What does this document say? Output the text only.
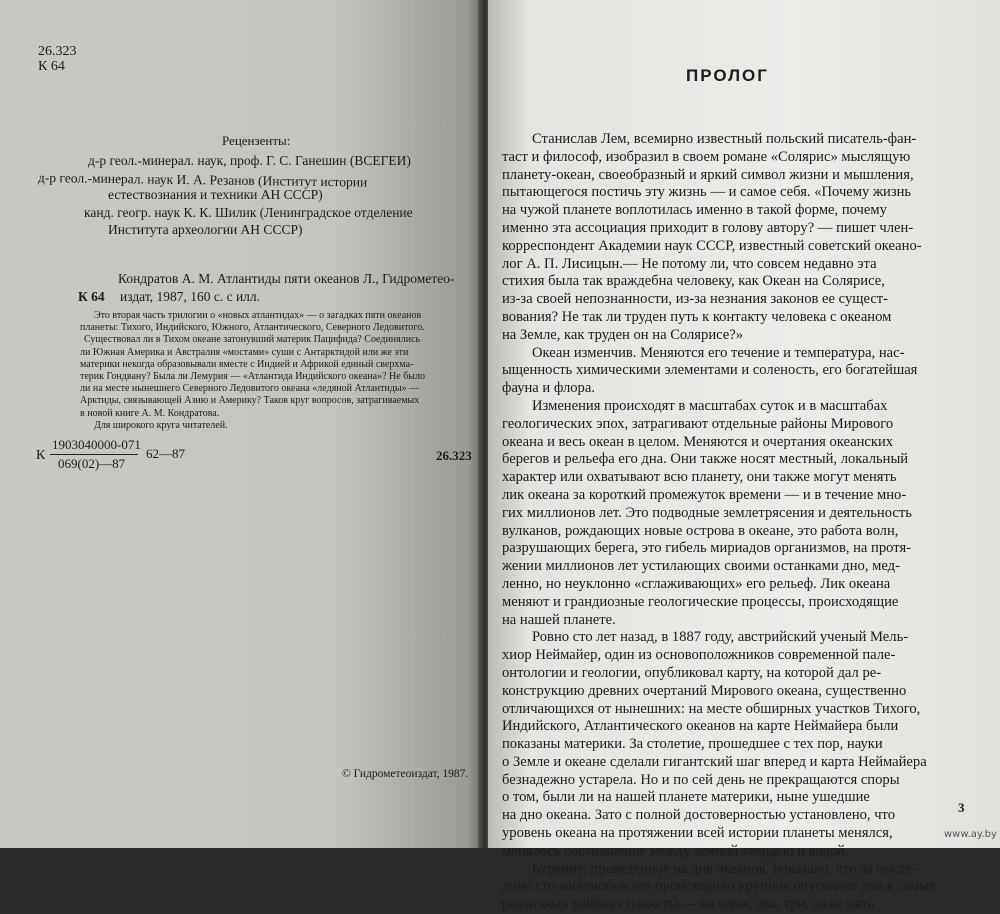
26.323
К 64
Рецензенты:
д-р геол.-минерал. наук, проф. Г. С. Ганешин (ВСЕГЕИ)
д-р геол.-минерал. наук И. А. Резанов (Институт истории
естествознания и техники АН СССР)
канд. геогр. наук К. К. Шилик (Ленинградское отделение
Института археологии АН СССР)
Кондратов А. М. Атлантиды пяти океанов Л., Гидрометео-
К 64 издат, 1987, 160 с. с илл.
Это вторая часть трилогии о «новых атлантидах» — о загадках пяти океанов
планеты: Тихого, Индийского, Южного, Атлантического, Северного Ледовитого.
Существовал ли в Тихом океане затонувший материк Пацифида? Соединялись
ли Южная Америка и Австралия «мостами» суши с Антарктидой или же эти
материки некогда образовывали вместе с Индией и Африкой единый сверхма-
терик Гондвану? Была ли Лемурия — «Атлантида Индийского океана»? Не было
ли на месте нынешнего Северного Ледовитого океана «ледяной Атлантиды» —
Арктиды, связывающей Азию и Америку? Таков круг вопросов, затрагиваемых
в новой книге А. М. Кондратова.
Для широкого круга читателей.
К
1903040000-071
069(02)—87
62—87	26.323
© Гидрометеоиздат, 1987.
ПРОЛОГ
Станислав Лем, всемирно известный польский писатель-фан-
таст и философ, изобразил в своем романе «Солярис» мыслящую
планету-океан, своеобразный и яркий символ жизни и мышления,
пытающегося постичь эту жизнь — и самое себя. «Почему жизнь
на чужой планете воплотилась именно в такой форме, почему
именно эта ассоциация приходит в голову автору? — пишет член-
корреспондент Академии наук СССР, известный советский океано-
лог А. П. Лисицын.— Не потому ли, что совсем недавно эта
стихия была так враждебна человеку, как Океан на Солярисе,
из-за своей непознанности, из-за незнания законов ее сущест-
вования? Не так ли труден путь к контакту человека с океаном
на Земле, как труден он на Солярисе?»
Океан изменчив. Меняются его течение и температура, нас-
ыщенность химическими элементами и соленость, его богатейшая
фауна и флора.
Изменения происходят в масштабах суток и в масштабах
геологических эпох, затрагивают отдельные районы Мирового
океана и весь океан в целом. Меняются и очертания океанских
берегов и рельефа его дна. Они также носят местный, локальный
характер или охватывают всю планету, они также могут менять
лик океана за короткий промежуток времени — и в течение мно-
гих миллионов лет. Это подводные землетрясения и деятельность
вулканов, рождающих новые острова в океане, это работа волн,
разрушающих берега, это гибель мириадов организмов, на протя-
жении миллионов лет устилающих своими останками дно, мед-
ленно, но неуклонно «сглаживающих» его рельеф. Лик океана
меняют и грандиозные геологические процессы, происходящие
на нашей планете.
Ровно сто лет назад, в 1887 году, австрийский ученый Мель-
хиор Неймайер, один из основоположников современной пале-
онтологии и геологии, опубликовал карту, на которой дал ре-
конструкцию древних очертаний Мирового океана, существенно
отличающихся от нынешних: на месте обширных участков Тихого,
Индийского, Атлантического океанов на карте Неймайера были
показаны материки. За столетие, прошедшее с тех пор, науки
о Земле и океане сделали гигантский шаг вперед и карта Неймайера
безнадежно устарела. Но и по сей день не прекращаются споры
о том, были ли на нашей планете материки, ныне ушедшие
на дно океана. Зато с полной достоверностью установлено, что
уровень океана на протяжении всей истории планеты менялся,
менялось соотношение между земной твердью и водой.
Бурение, проведенное на дне океанов, показало, что за после-
дние сто миллионов лет происходило крупное опускание дна в самых
различных районах планеты — на один, два, три, даже пять
3
www.ay.by
